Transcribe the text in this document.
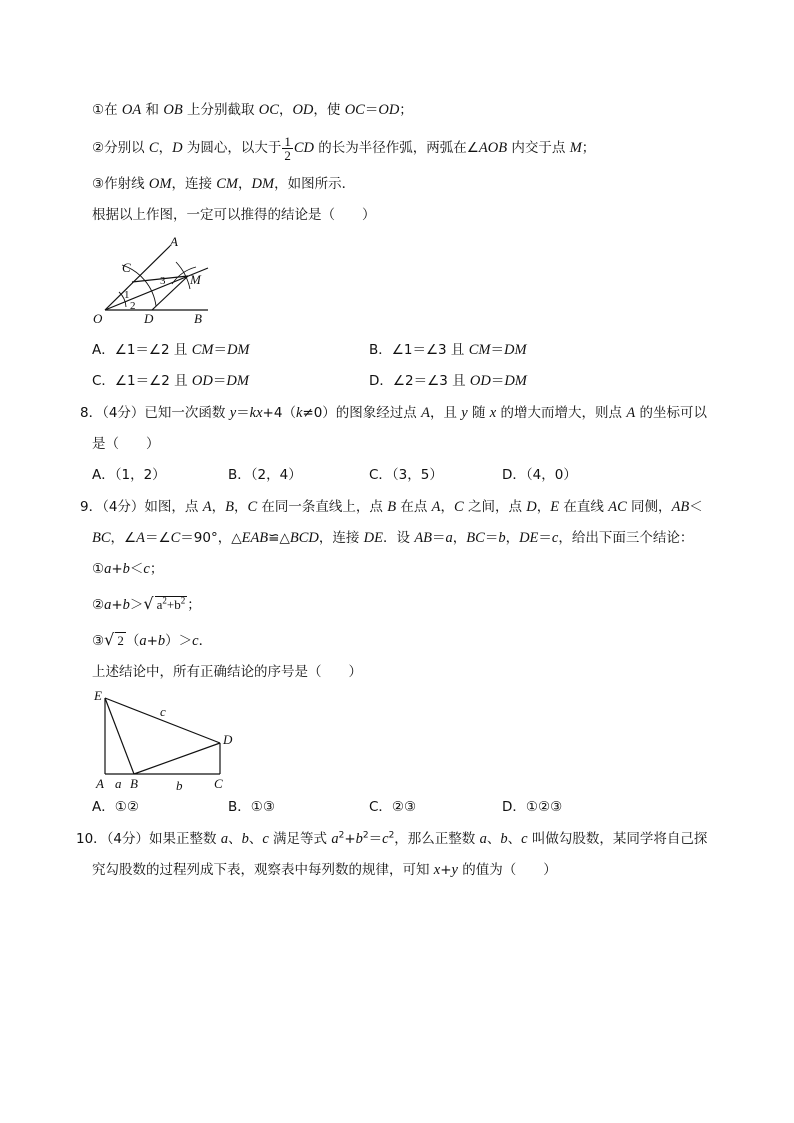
①在 OA 和 OB 上分别截取 OC，OD，使 OC＝OD；
②分别以 C，D 为圆心，以大于 $\frac{1}{2}$ CD 的长为半径作弧，两弧在∠AOB 内交于点 M；
③作射线 OM，连接 CM，DM，如图所示．
根据以上作图，一定可以推得的结论是（　　）
A
C
M
O	D	B
1
2
3
A．∠1＝∠2 且 CM＝DM	B．∠1＝∠3 且 CM＝DM
C．∠1＝∠2 且 OD＝DM	D．∠2＝∠3 且 OD＝DM
8．（4分）已知一次函数 y＝kx+4（k≠0）的图象经过点 A，且 y 随 x 的增大而增大，则点 A 的坐标可以
是（　　）
A．（1，2）	B．（2，4）	C．（3，5）	D．（4，0）
9．（4分）如图，点 A，B，C 在同一条直线上，点 B 在点 A，C 之间，点 D，E 在直线 AC 同侧，AB＜
BC，∠A＝∠C＝90°，△EAB≌△BCD，连接 DE．设 AB＝a，BC＝b，DE＝c，给出下面三个结论：
①a+b＜c；
②a+b＞√ $a^2+b^2$ ；
③√ 2 （a+b）＞c．
上述结论中，所有正确结论的序号是（　　）
E
D
A B	C
a	b
c
A．①②	B．①③	C．②③	D．①②③
10．（4分）如果正整数 a、b、c 满足等式 $a^2+b^2=c^2$，那么正整数 a、b、c 叫做勾股数，某同学将自己探
究勾股数的过程列成下表，观察表中每列数的规律，可知 x+y 的值为（　　）
